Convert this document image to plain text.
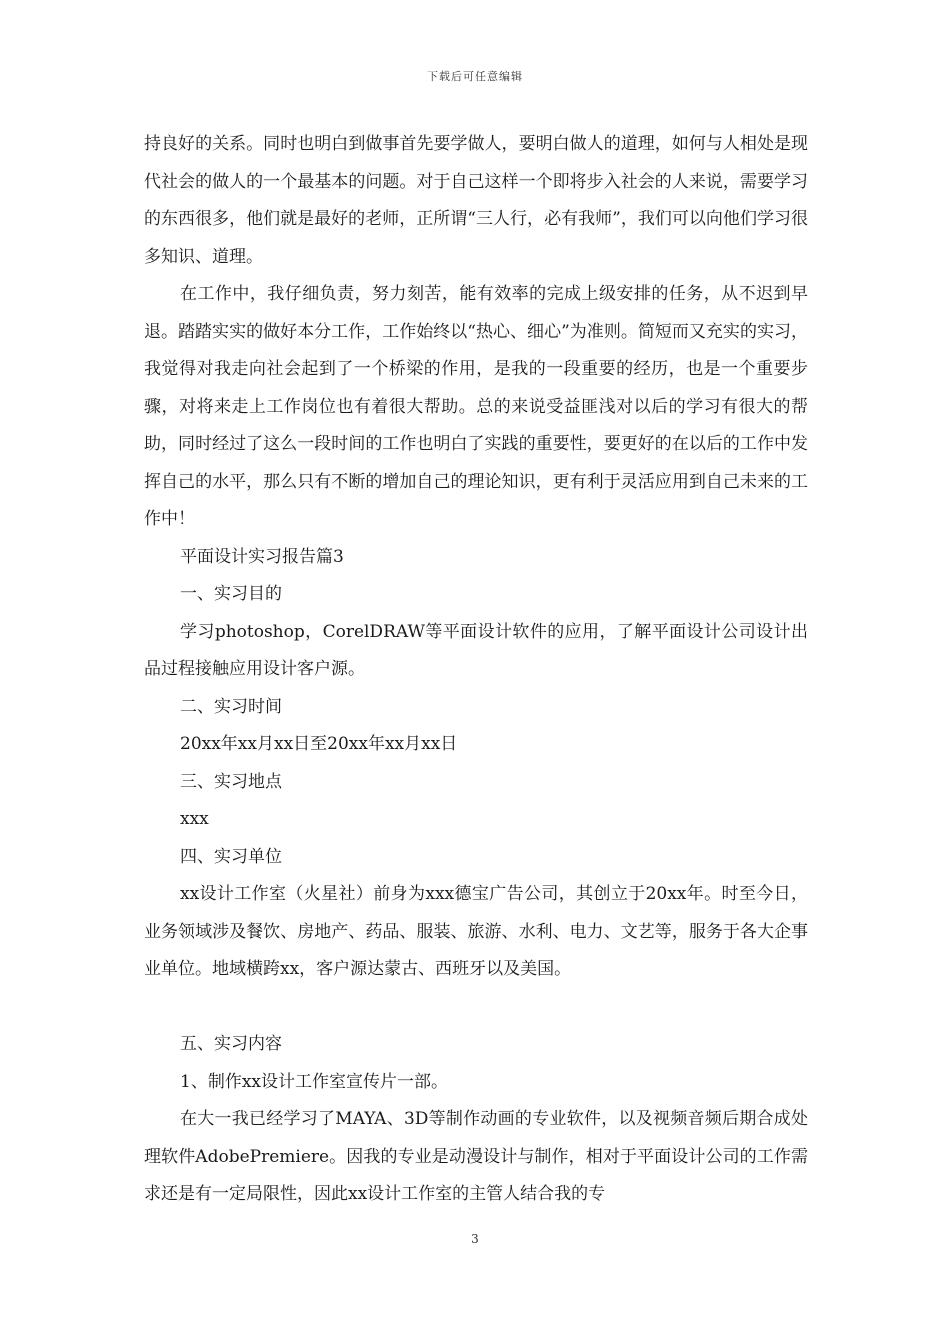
下载后可任意编辑

持良好的关系。同时也明白到做事首先要学做人，要明白做人的道理，如何与人相处是现代社会的做人的一个最基本的问题。对于自己这样一个即将步入社会的人来说，需要学习的东西很多，他们就是最好的老师，正所谓“三人行，必有我师”，我们可以向他们学习很多知识、道理。

在工作中，我仔细负责，努力刻苦，能有效率的完成上级安排的任务，从不迟到早退。踏踏实实的做好本分工作，工作始终以“热心、细心”为准则。简短而又充实的实习，我觉得对我走向社会起到了一个桥梁的作用，是我的一段重要的经历，也是一个重要步骤，对将来走上工作岗位也有着很大帮助。总的来说受益匪浅对以后的学习有很大的帮助，同时经过了这么一段时间的工作也明白了实践的重要性，要更好的在以后的工作中发挥自己的水平，那么只有不断的增加自己的理论知识，更有利于灵活应用到自己未来的工作中！

平面设计实习报告篇3

一、实习目的

学习photoshop，CorelDRAW等平面设计软件的应用，了解平面设计公司设计出品过程接触应用设计客户源。

二、实习时间

20xx年xx月xx日至20xx年xx月xx日

三、实习地点

xxx

四、实习单位

xx设计工作室（火星社）前身为xxx德宝广告公司，其创立于20xx年。时至今日，业务领域涉及餐饮、房地产、药品、服装、旅游、水利、电力、文艺等，服务于各大企事业单位。地域横跨xx，客户源达蒙古、西班牙以及美国。

五、实习内容

1、制作xx设计工作室宣传片一部。

在大一我已经学习了MAYA、3D等制作动画的专业软件，以及视频音频后期合成处理软件AdobePremiere。因我的专业是动漫设计与制作，相对于平面设计公司的工作需求还是有一定局限性，因此xx设计工作室的主管人结合我的专

3
